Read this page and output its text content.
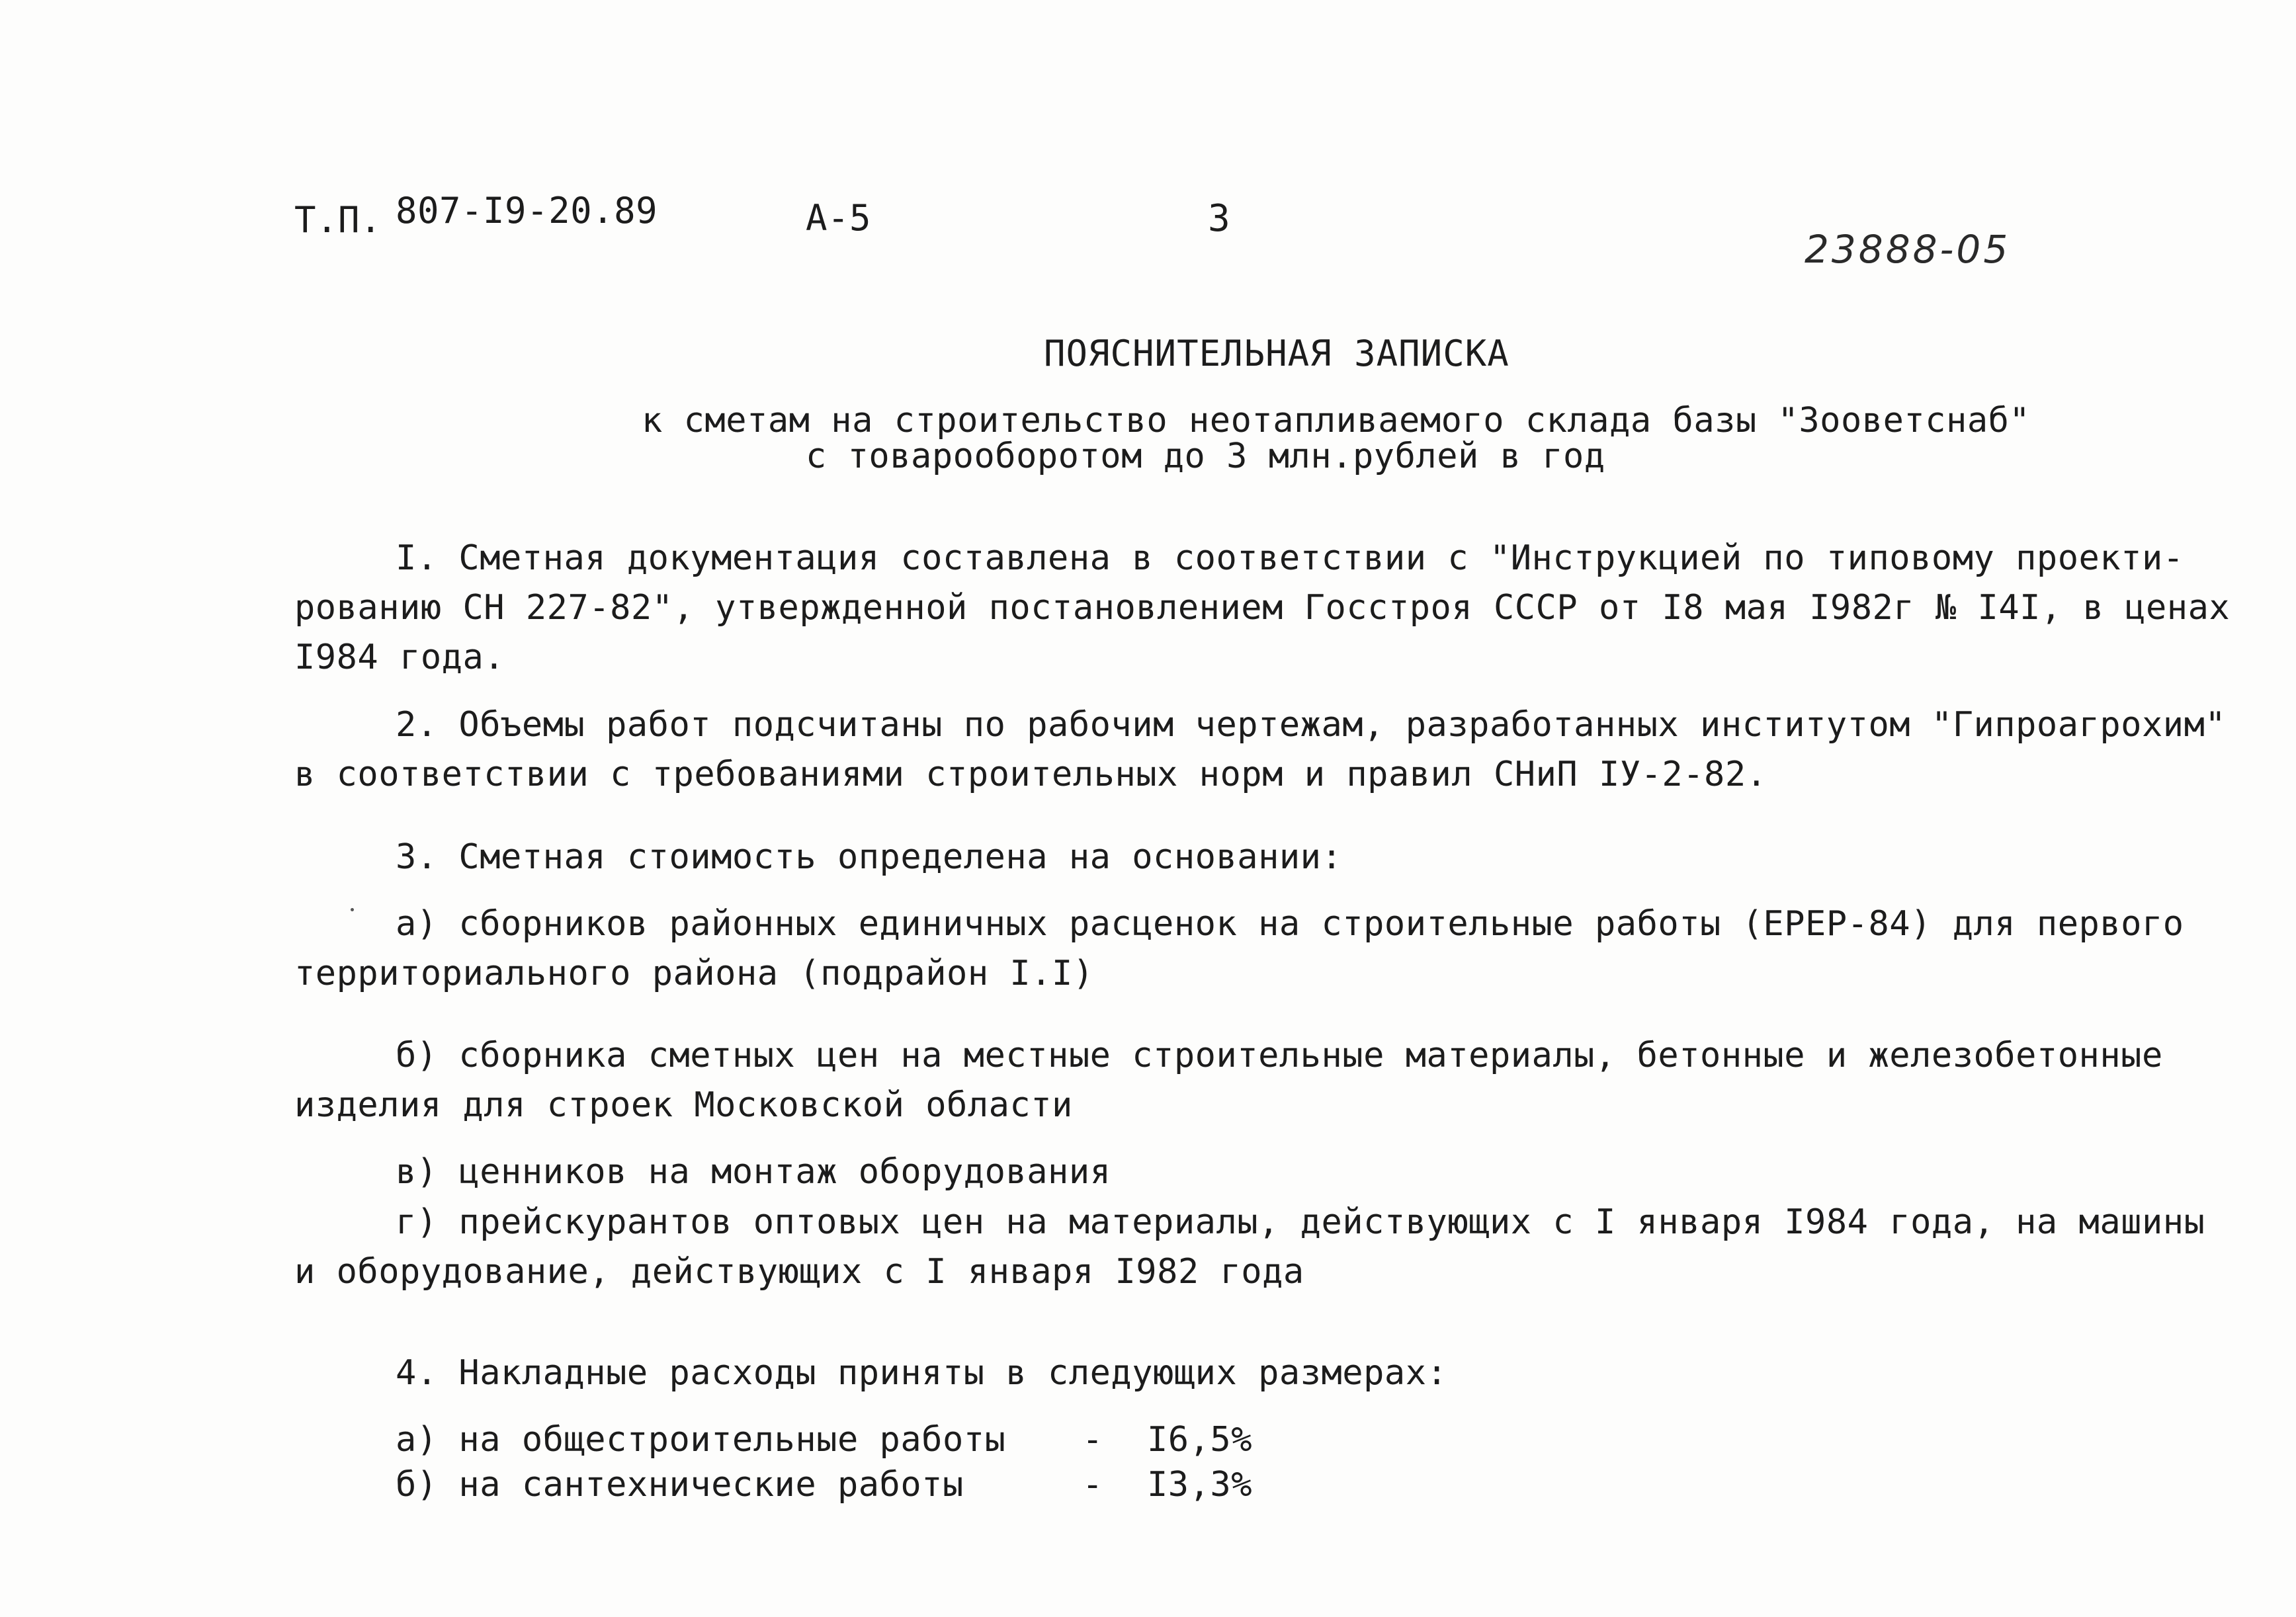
Т.П. 807-I9-20.89	А-5	3
23888-05
ПОЯСНИТЕЛЬНАЯ ЗАПИСКА
к сметам на строительство неотапливаемого склада базы "Зооветснаб"
с товарооборотом до 3 млн.рублей в год
I. Сметная документация составлена в соответствии с "Инструкцией по типовому проекти-
рованию СН 227-82", утвержденной постановлением Госстроя СССР от I8 мая I982г № I4I, в ценах
I984 года.
2. Объемы работ подсчитаны по рабочим чертежам, разработанных институтом "Гипроагрохим"
в соответствии с требованиями строительных норм и правил СНиП IУ-2-82.
3. Сметная стоимость определена на основании:
а) сборников районных единичных расценок на строительные работы (ЕРЕР-84) для первого
территориального района (подрайон I.I)
б) сборника сметных цен на местные строительные материалы, бетонные и железобетонные
изделия для строек Московской области
в) ценников на монтаж оборудования
г) прейскурантов оптовых цен на материалы, действующих с I января I984 года, на машины
и оборудование, действующих с I января I982 года
4. Накладные расходы приняты в следующих размерах:
а) на общестроительные работы - I6,5%
б) на сантехнические работы	- I3,3%
